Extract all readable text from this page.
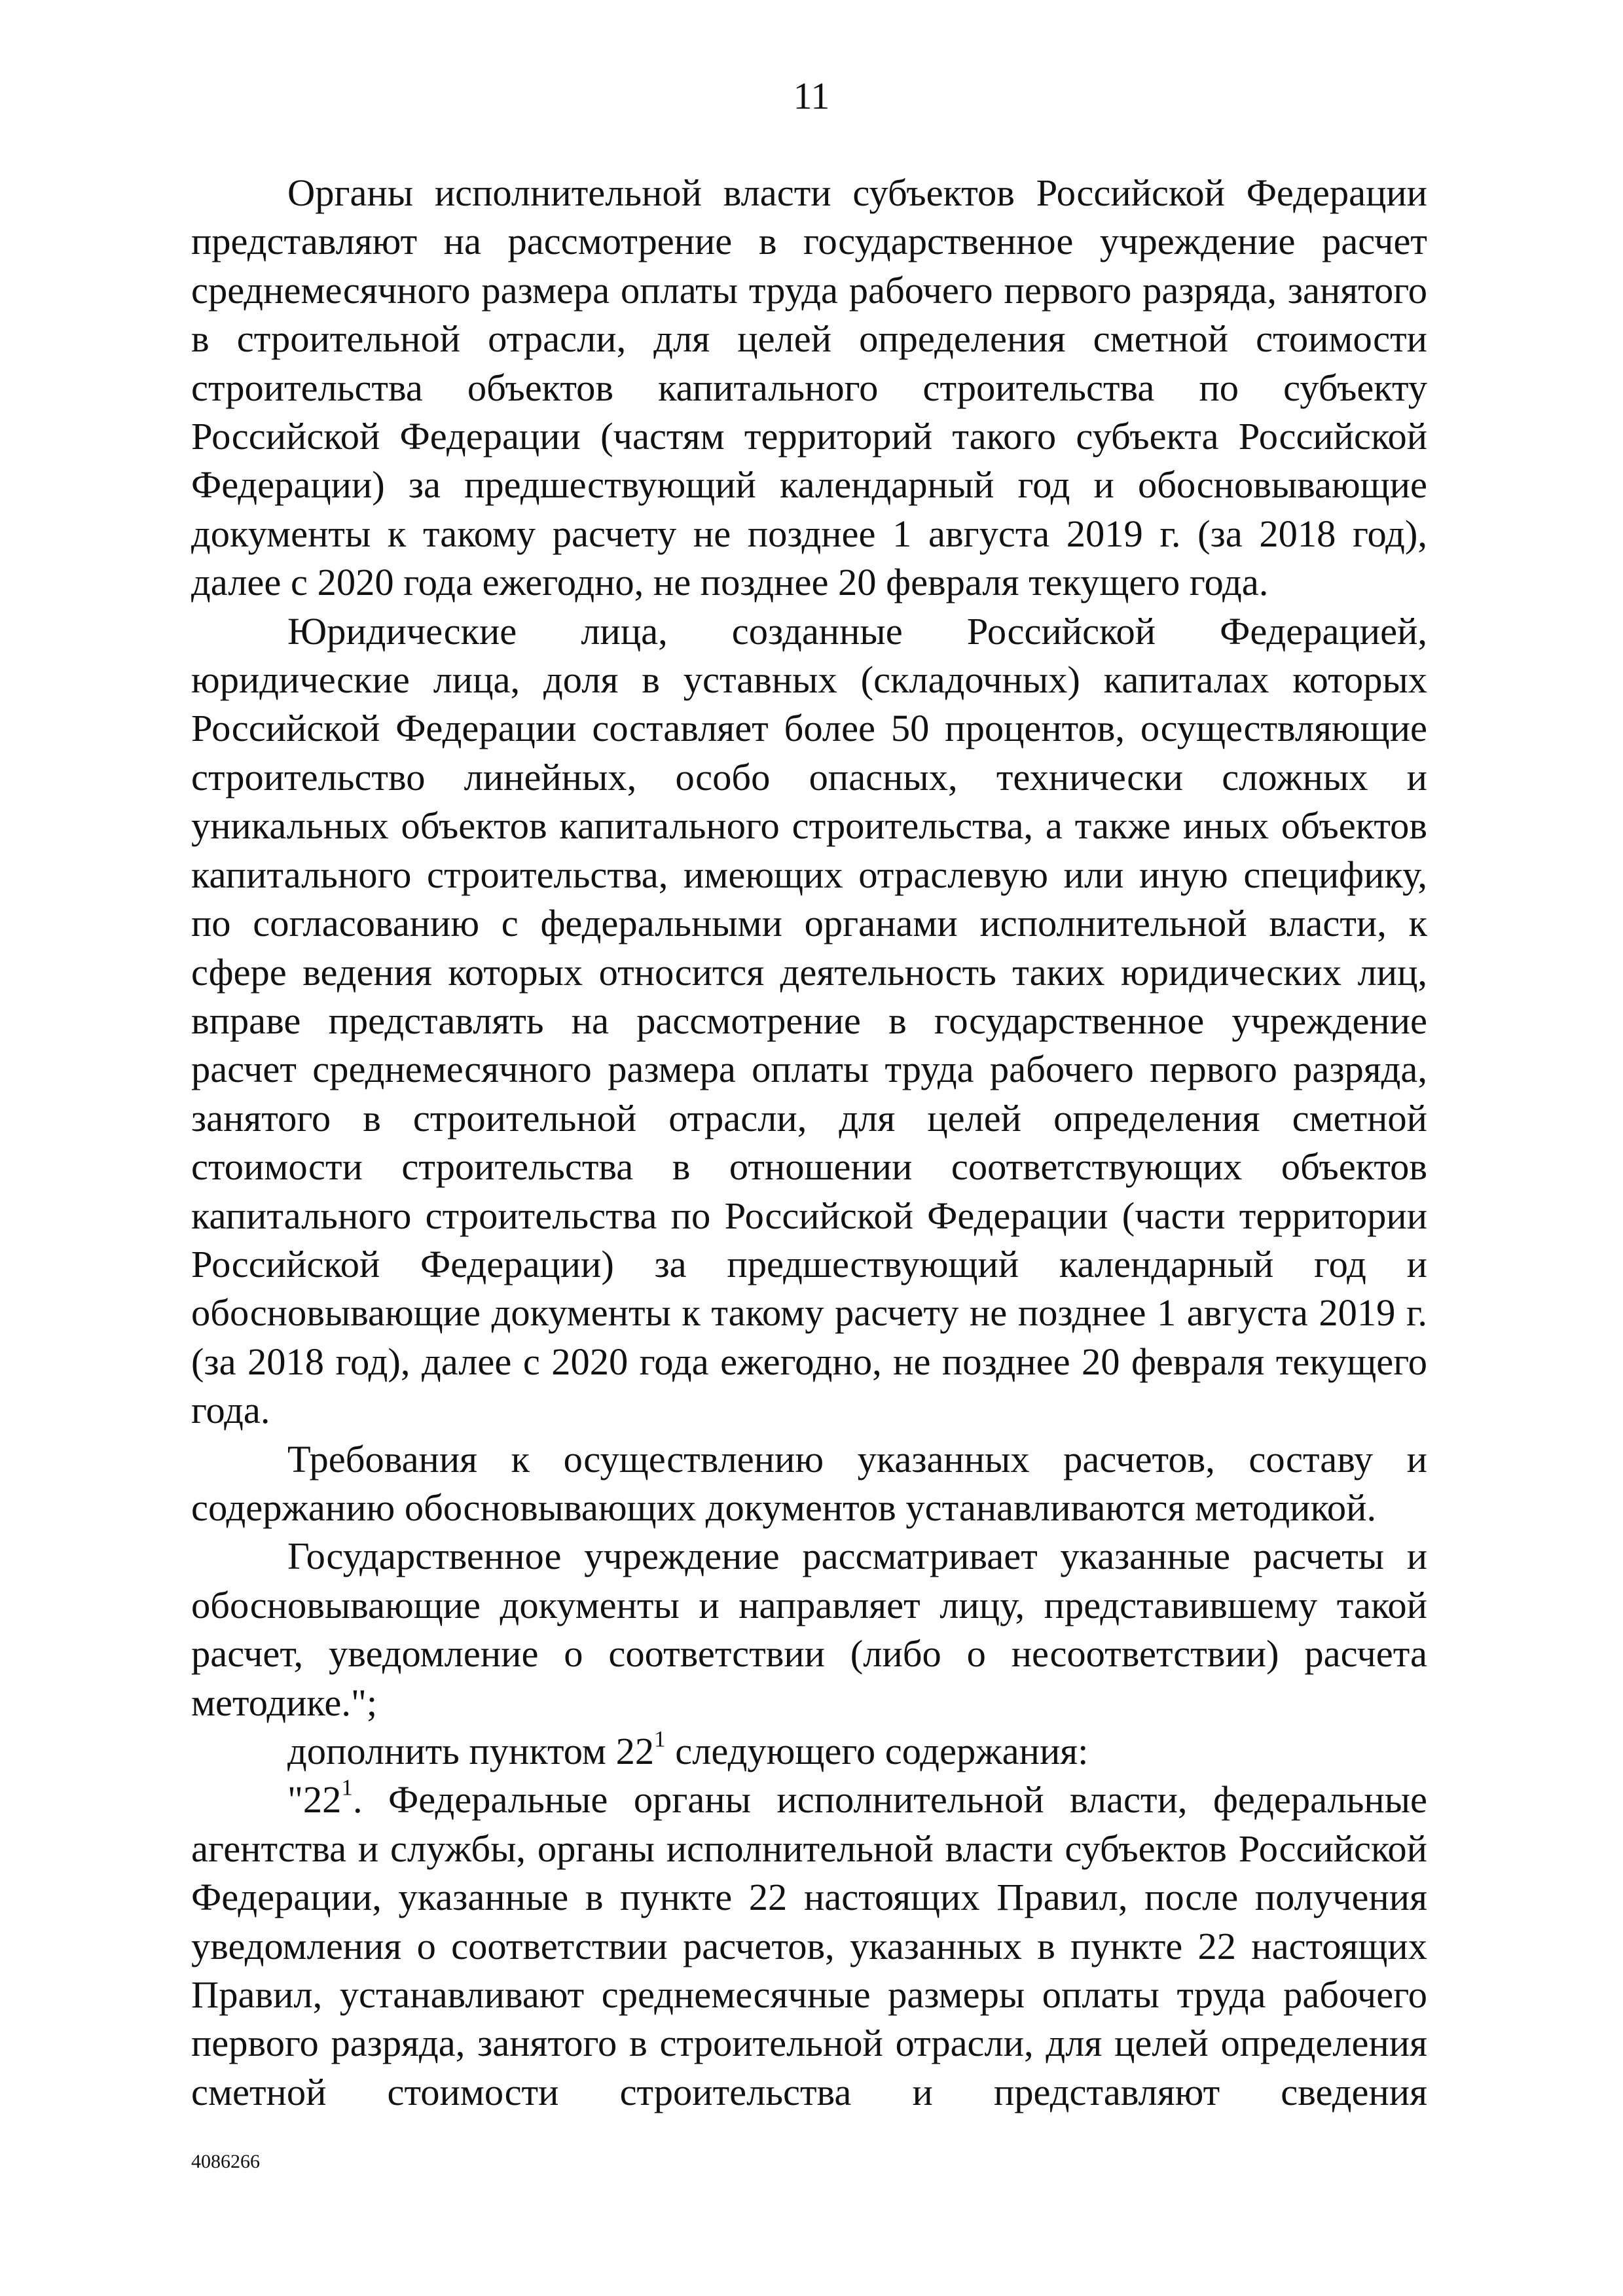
11

Органы исполнительной власти субъектов Российской Федерации представляют на рассмотрение в государственное учреждение расчет среднемесячного размера оплаты труда рабочего первого разряда, занятого в строительной отрасли, для целей определения сметной стоимости строительства объектов капитального строительства по субъекту Российской Федерации (частям территорий такого субъекта Российской Федерации) за предшествующий календарный год и обосновывающие документы к такому расчету не позднее 1 августа 2019 г. (за 2018 год), далее с 2020 года ежегодно, не позднее 20 февраля текущего года.

Юридические лица, созданные Российской Федерацией, юридические лица, доля в уставных (складочных) капиталах которых Российской Федерации составляет более 50 процентов, осуществляющие строительство линейных, особо опасных, технически сложных и уникальных объектов капитального строительства, а также иных объектов капитального строительства, имеющих отраслевую или иную специфику, по согласованию с федеральными органами исполнительной власти, к сфере ведения которых относится деятельность таких юридических лиц, вправе представлять на рассмотрение в государственное учреждение расчет среднемесячного размера оплаты труда рабочего первого разряда, занятого в строительной отрасли, для целей определения сметной стоимости строительства в отношении соответствующих объектов капитального строительства по Российской Федерации (части территории Российской Федерации) за предшествующий календарный год и обосновывающие документы к такому расчету не позднее 1 августа 2019 г. (за 2018 год), далее с 2020 года ежегодно, не позднее 20 февраля текущего года.

Требования к осуществлению указанных расчетов, составу и содержанию обосновывающих документов устанавливаются методикой.

Государственное учреждение рассматривает указанные расчеты и обосновывающие документы и направляет лицу, представившему такой расчет, уведомление о соответствии (либо о несоответствии) расчета методике.";

дополнить пунктом $22^1$ следующего содержания:

"$22^1$. Федеральные органы исполнительной власти, федеральные агентства и службы, органы исполнительной власти субъектов Российской Федерации, указанные в пункте 22 настоящих Правил, после получения уведомления о соответствии расчетов, указанных в пункте 22 настоящих Правил, устанавливают среднемесячные размеры оплаты труда рабочего первого разряда, занятого в строительной отрасли, для целей определения сметной стоимости строительства и представляют сведения

4086266
